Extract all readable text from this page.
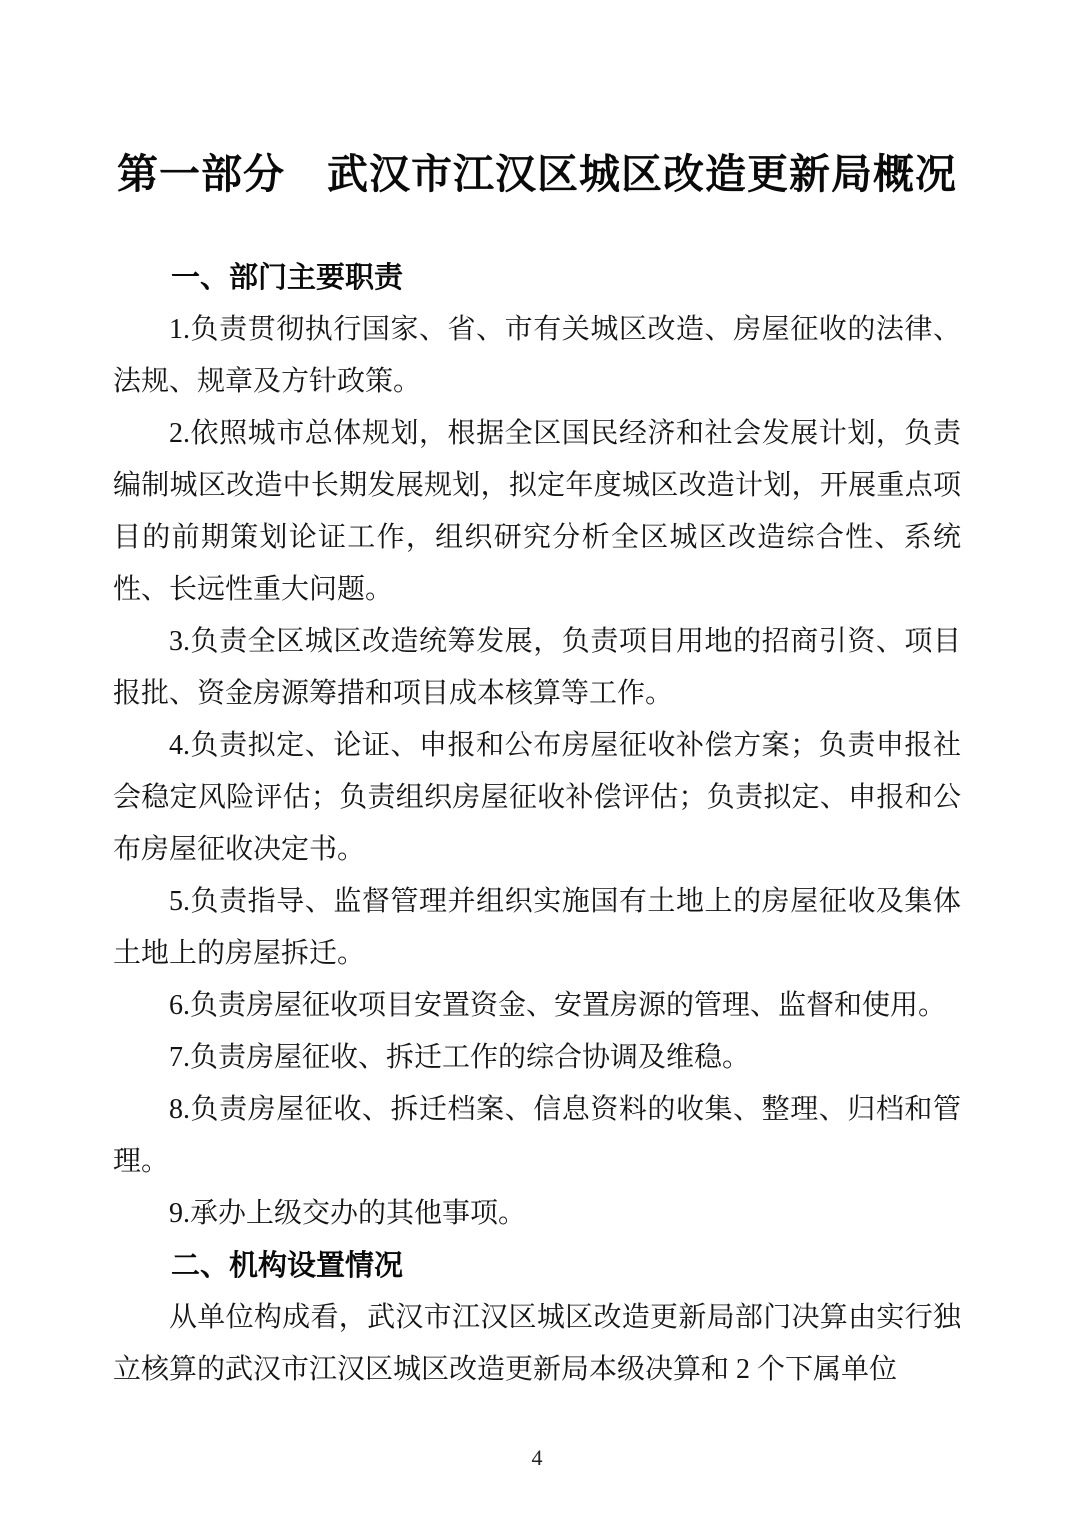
第一部分　武汉市江汉区城区改造更新局概况
一、部门主要职责

1.负责贯彻执行国家、省、市有关城区改造、房屋征收的法律、法规、规章及方针政策。

2.依照城市总体规划，根据全区国民经济和社会发展计划，负责编制城区改造中长期发展规划，拟定年度城区改造计划，开展重点项目的前期策划论证工作，组织研究分析全区城区改造综合性、系统性、长远性重大问题。

3.负责全区城区改造统筹发展，负责项目用地的招商引资、项目报批、资金房源筹措和项目成本核算等工作。

4.负责拟定、论证、申报和公布房屋征收补偿方案；负责申报社会稳定风险评估；负责组织房屋征收补偿评估；负责拟定、申报和公布房屋征收决定书。

5.负责指导、监督管理并组织实施国有土地上的房屋征收及集体土地上的房屋拆迁。

6.负责房屋征收项目安置资金、安置房源的管理、监督和使用。

7.负责房屋征收、拆迁工作的综合协调及维稳。

8.负责房屋征收、拆迁档案、信息资料的收集、整理、归档和管理。

9.承办上级交办的其他事项。

二、机构设置情况

从单位构成看，武汉市江汉区城区改造更新局部门决算由实行独立核算的武汉市江汉区城区改造更新局本级决算和 2 个下属单位

4
